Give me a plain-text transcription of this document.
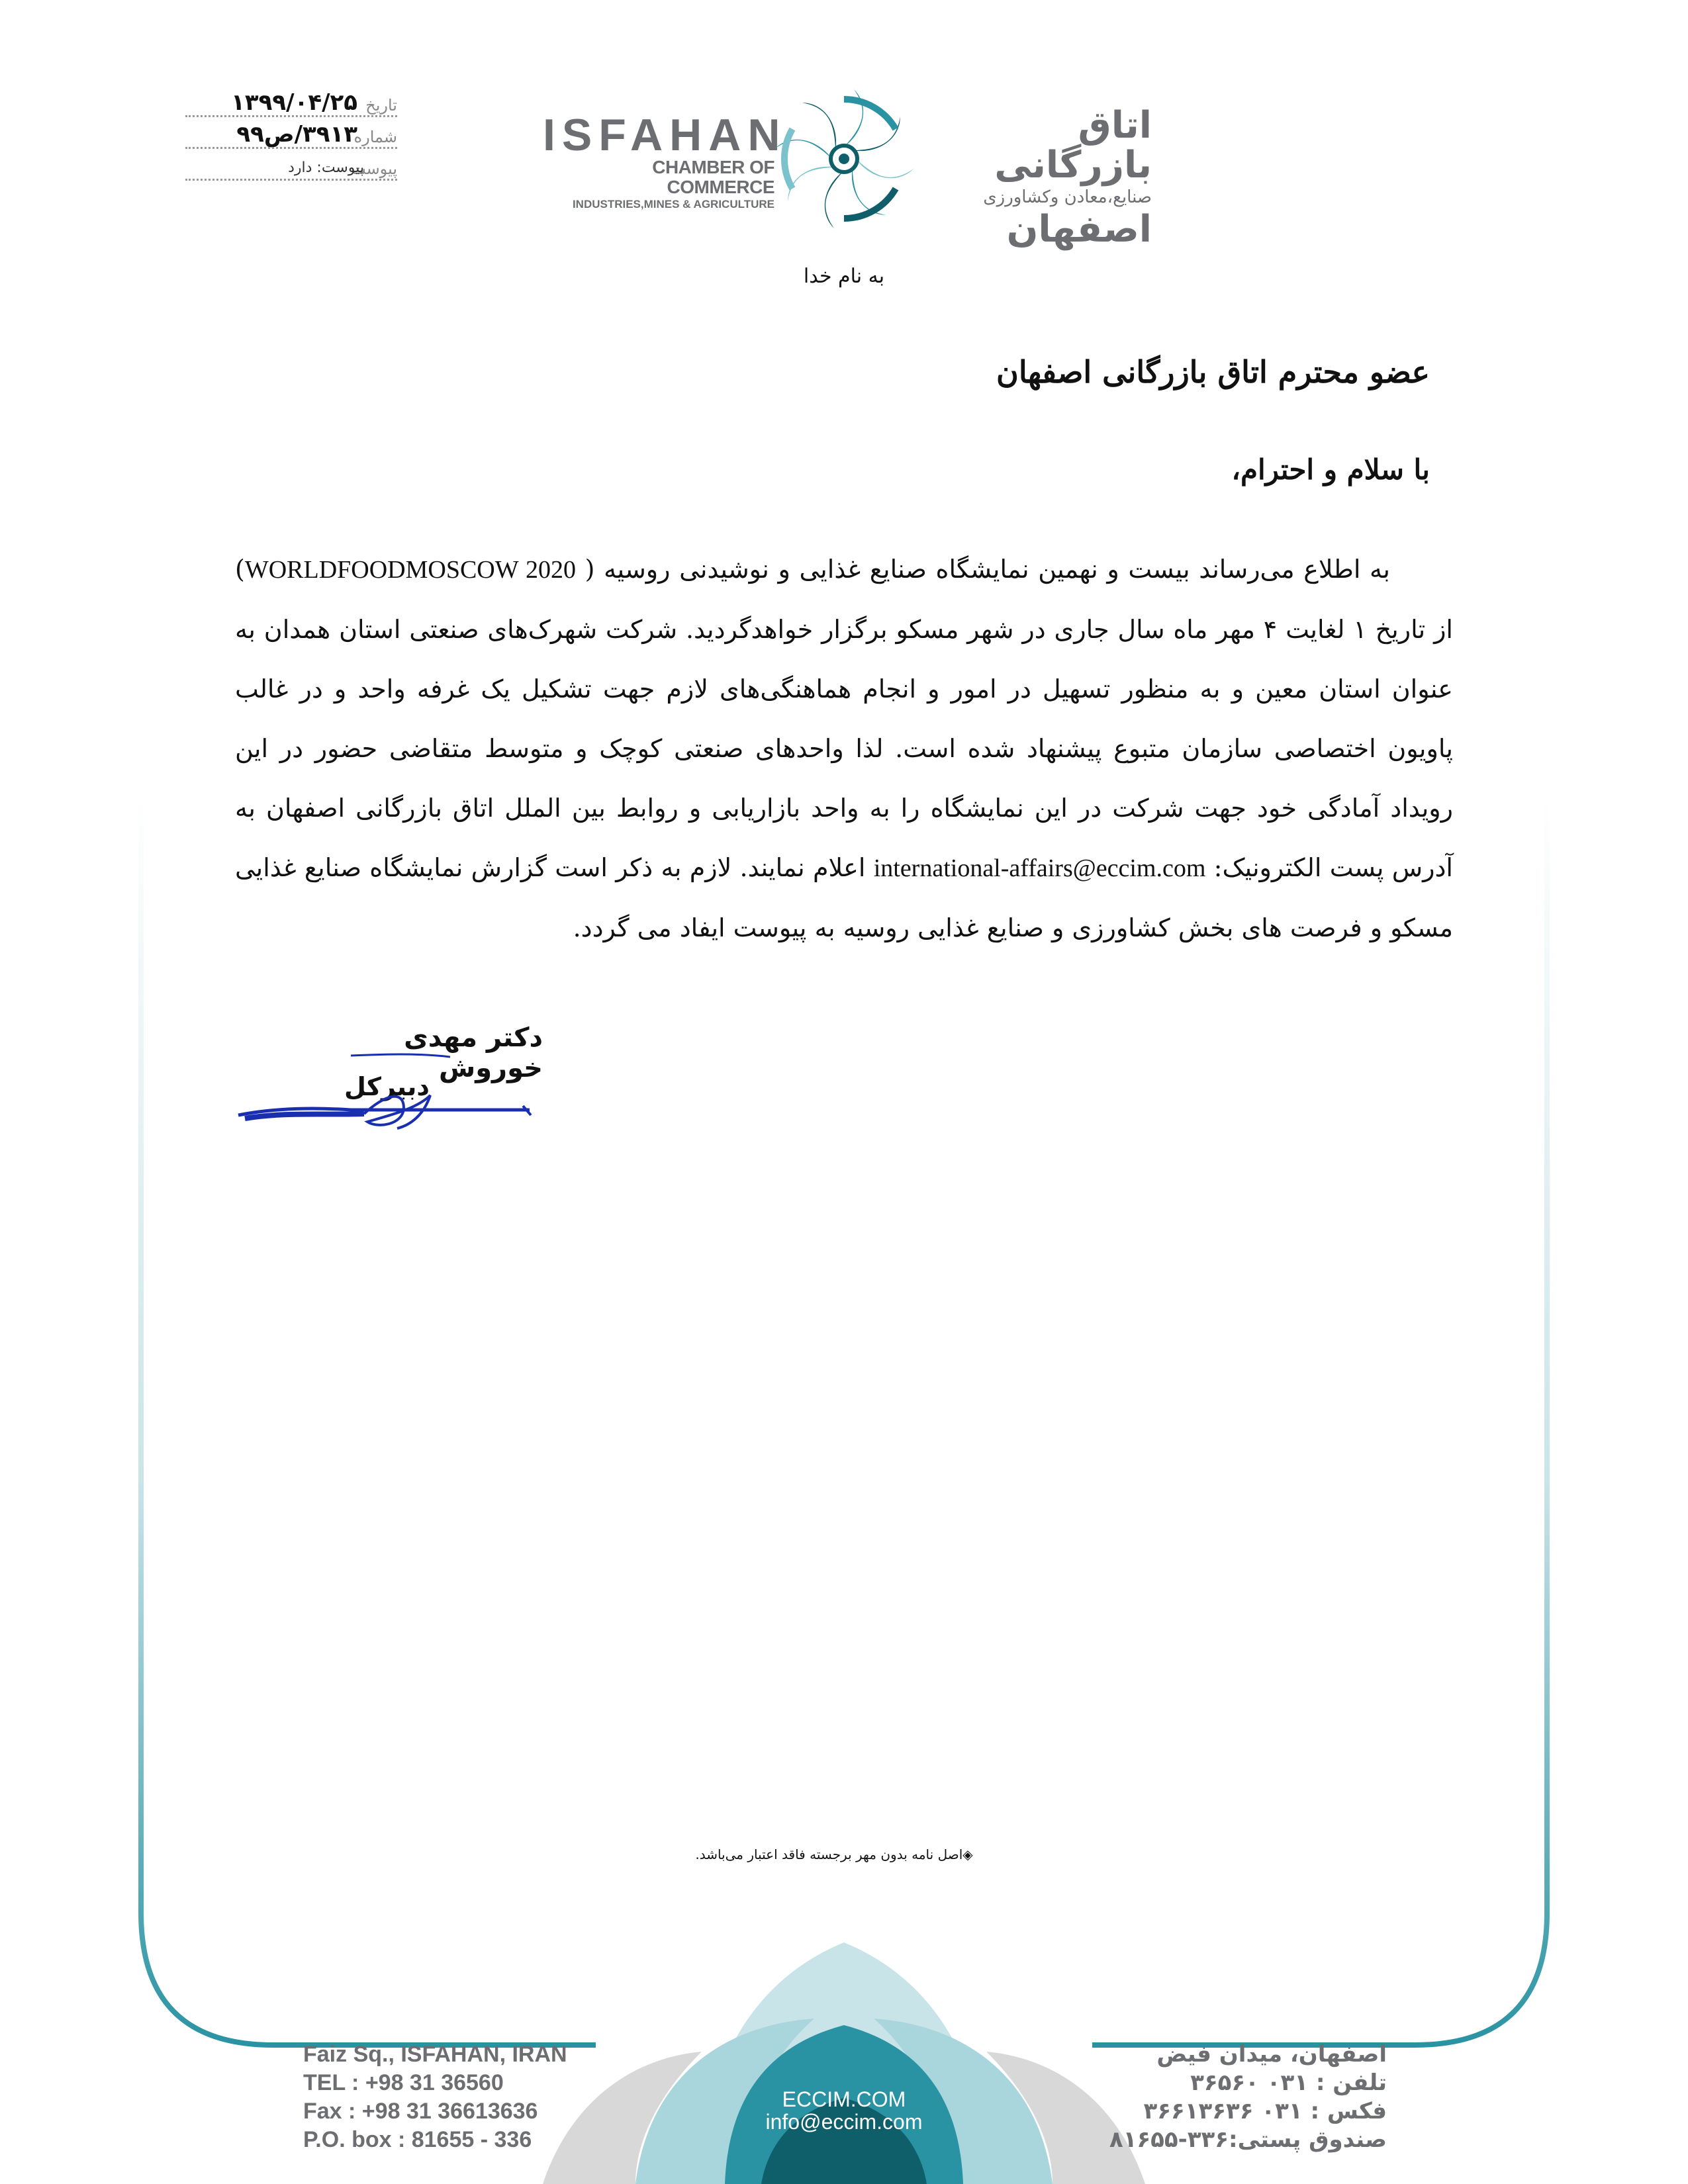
تاریخ
۱۳۹۹/۰۴/۲۵
شماره
۳۹۱۳/ص۹۹
پیوست
پیوست: دارد
ISFAHAN
CHAMBER OF COMMERCE
INDUSTRIES,MINES & AGRICULTURE
اتاق بازرگانی
صنایع،معادن وکشاورزی
اصفهان
به نام خدا
عضو محترم اتاق بازرگانی اصفهان
با سلام و احترام،

به اطلاع می‌رساند بیست و نهمین نمایشگاه صنایع غذایی و نوشیدنی روسیه ( WORLDFOODMOSCOW 2020) از تاریخ ۱ لغایت ۴ مهر ماه سال جاری در شهر مسکو برگزار خواهدگردید. شرکت شهرک‌های صنعتی استان همدان به عنوان استان معین و به منظور تسهیل در امور و انجام هماهنگی‌های لازم جهت تشکیل یک غرفه واحد و در غالب پاویون اختصاصی سازمان متبوع پیشنهاد شده است. لذا واحدهای صنعتی کوچک و متوسط متقاضی حضور در این رویداد آمادگی خود جهت شرکت در این نمایشگاه را به واحد بازاریابی و روابط بین الملل اتاق بازرگانی اصفهان به آدرس پست الکترونیک: international-affairs@eccim.com اعلام نمایند. لازم به ذکر است گزارش نمایشگاه صنایع غذایی مسکو و فرصت های بخش کشاورزی و صنایع غذایی روسیه به پیوست ایفاد می گردد.

دکتر مهدی خوروش
دبیرکل
◈اصل نامه بدون مهر برجسته فاقد اعتبار می‌باشد.
Faiz Sq., ISFAHAN, IRAN
TEL : +98 31 36560
Fax : +98 31 36613636
P.O. box : 81655 - 336
ECCIM.COM
info@eccim.com
اصفهان، میدان فیض
تلفن : ۰۳۱ ۳۶۵۶۰
فکس : ۰۳۱ ۳۶۶۱۳۶۳۶
صندوق پستی:۳۳۶-۸۱۶۵۵
